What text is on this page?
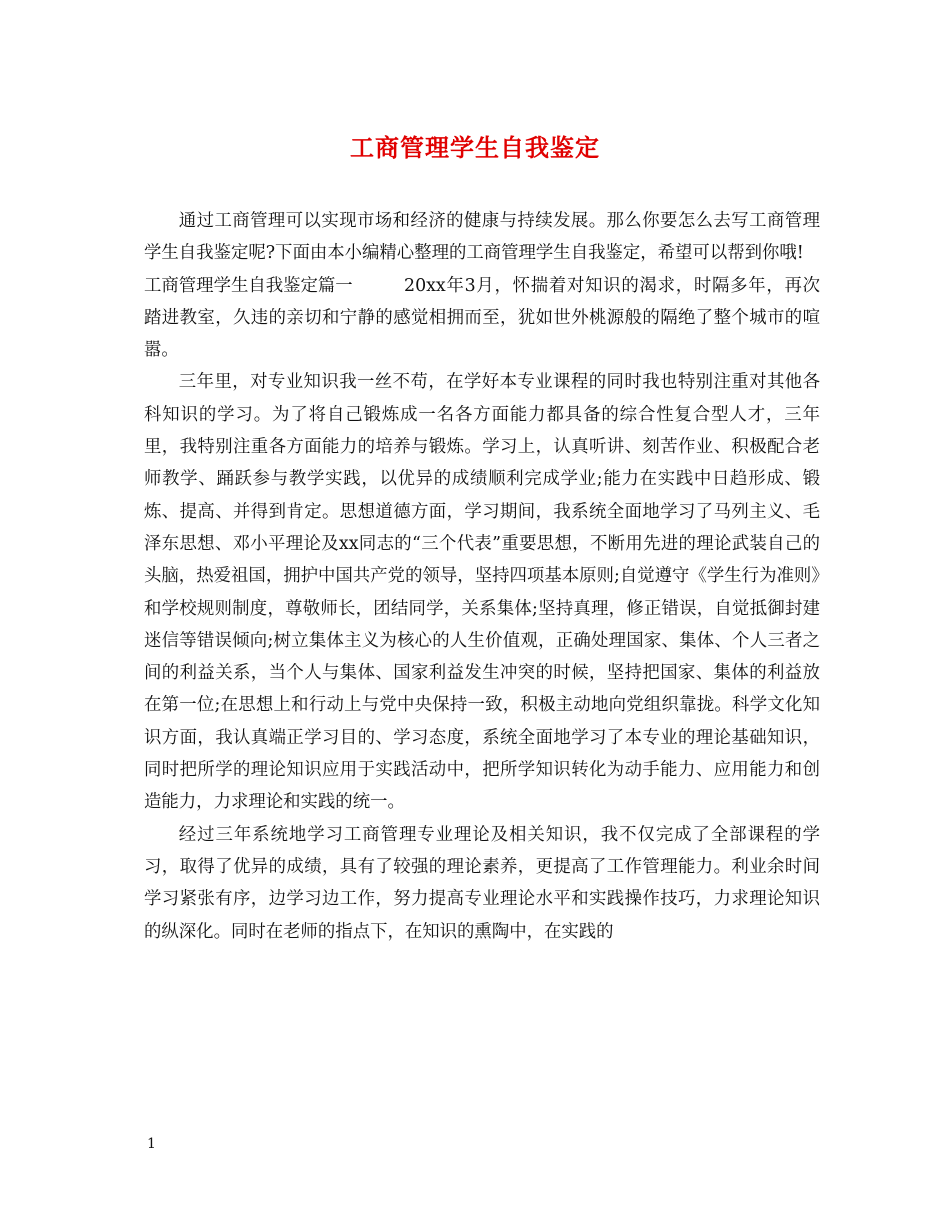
工商管理学生自我鉴定

通过工商管理可以实现市场和经济的健康与持续发展。那么你要怎么去写工商管理学生自我鉴定呢?下面由本小编精心整理的工商管理学生自我鉴定，希望可以帮到你哦!

工商管理学生自我鉴定篇一	20xx年3月，怀揣着对知识的渴求，时隔多年，再次踏进教室，久违的亲切和宁静的感觉相拥而至，犹如世外桃源般的隔绝了整个城市的喧嚣。

三年里，对专业知识我一丝不苟，在学好本专业课程的同时我也特别注重对其他各科知识的学习。为了将自己锻炼成一名各方面能力都具备的综合性复合型人才，三年里，我特别注重各方面能力的培养与锻炼。学习上，认真听讲、刻苦作业、积极配合老师教学、踊跃参与教学实践，以优异的成绩顺利完成学业;能力在实践中日趋形成、锻炼、提高、并得到肯定。思想道德方面，学习期间，我系统全面地学习了马列主义、毛泽东思想、邓小平理论及xx同志的“三个代表”重要思想，不断用先进的理论武装自己的头脑，热爱祖国，拥护中国共产党的领导，坚持四项基本原则;自觉遵守《学生行为准则》和学校规则制度，尊敬师长，团结同学，关系集体;坚持真理，修正错误，自觉抵御封建迷信等错误倾向;树立集体主义为核心的人生价值观，正确处理国家、集体、个人三者之间的利益关系，当个人与集体、国家利益发生冲突的时候，坚持把国家、集体的利益放在第一位;在思想上和行动上与党中央保持一致，积极主动地向党组织靠拢。科学文化知识方面，我认真端正学习目的、学习态度，系统全面地学习了本专业的理论基础知识，同时把所学的理论知识应用于实践活动中，把所学知识转化为动手能力、应用能力和创造能力，力求理论和实践的统一。

经过三年系统地学习工商管理专业理论及相关知识，我不仅完成了全部课程的学习，取得了优异的成绩，具有了较强的理论素养，更提高了工作管理能力。利业余时间学习紧张有序，边学习边工作，努力提高专业理论水平和实践操作技巧，力求理论知识的纵深化。同时在老师的指点下，在知识的熏陶中，在实践的

1
